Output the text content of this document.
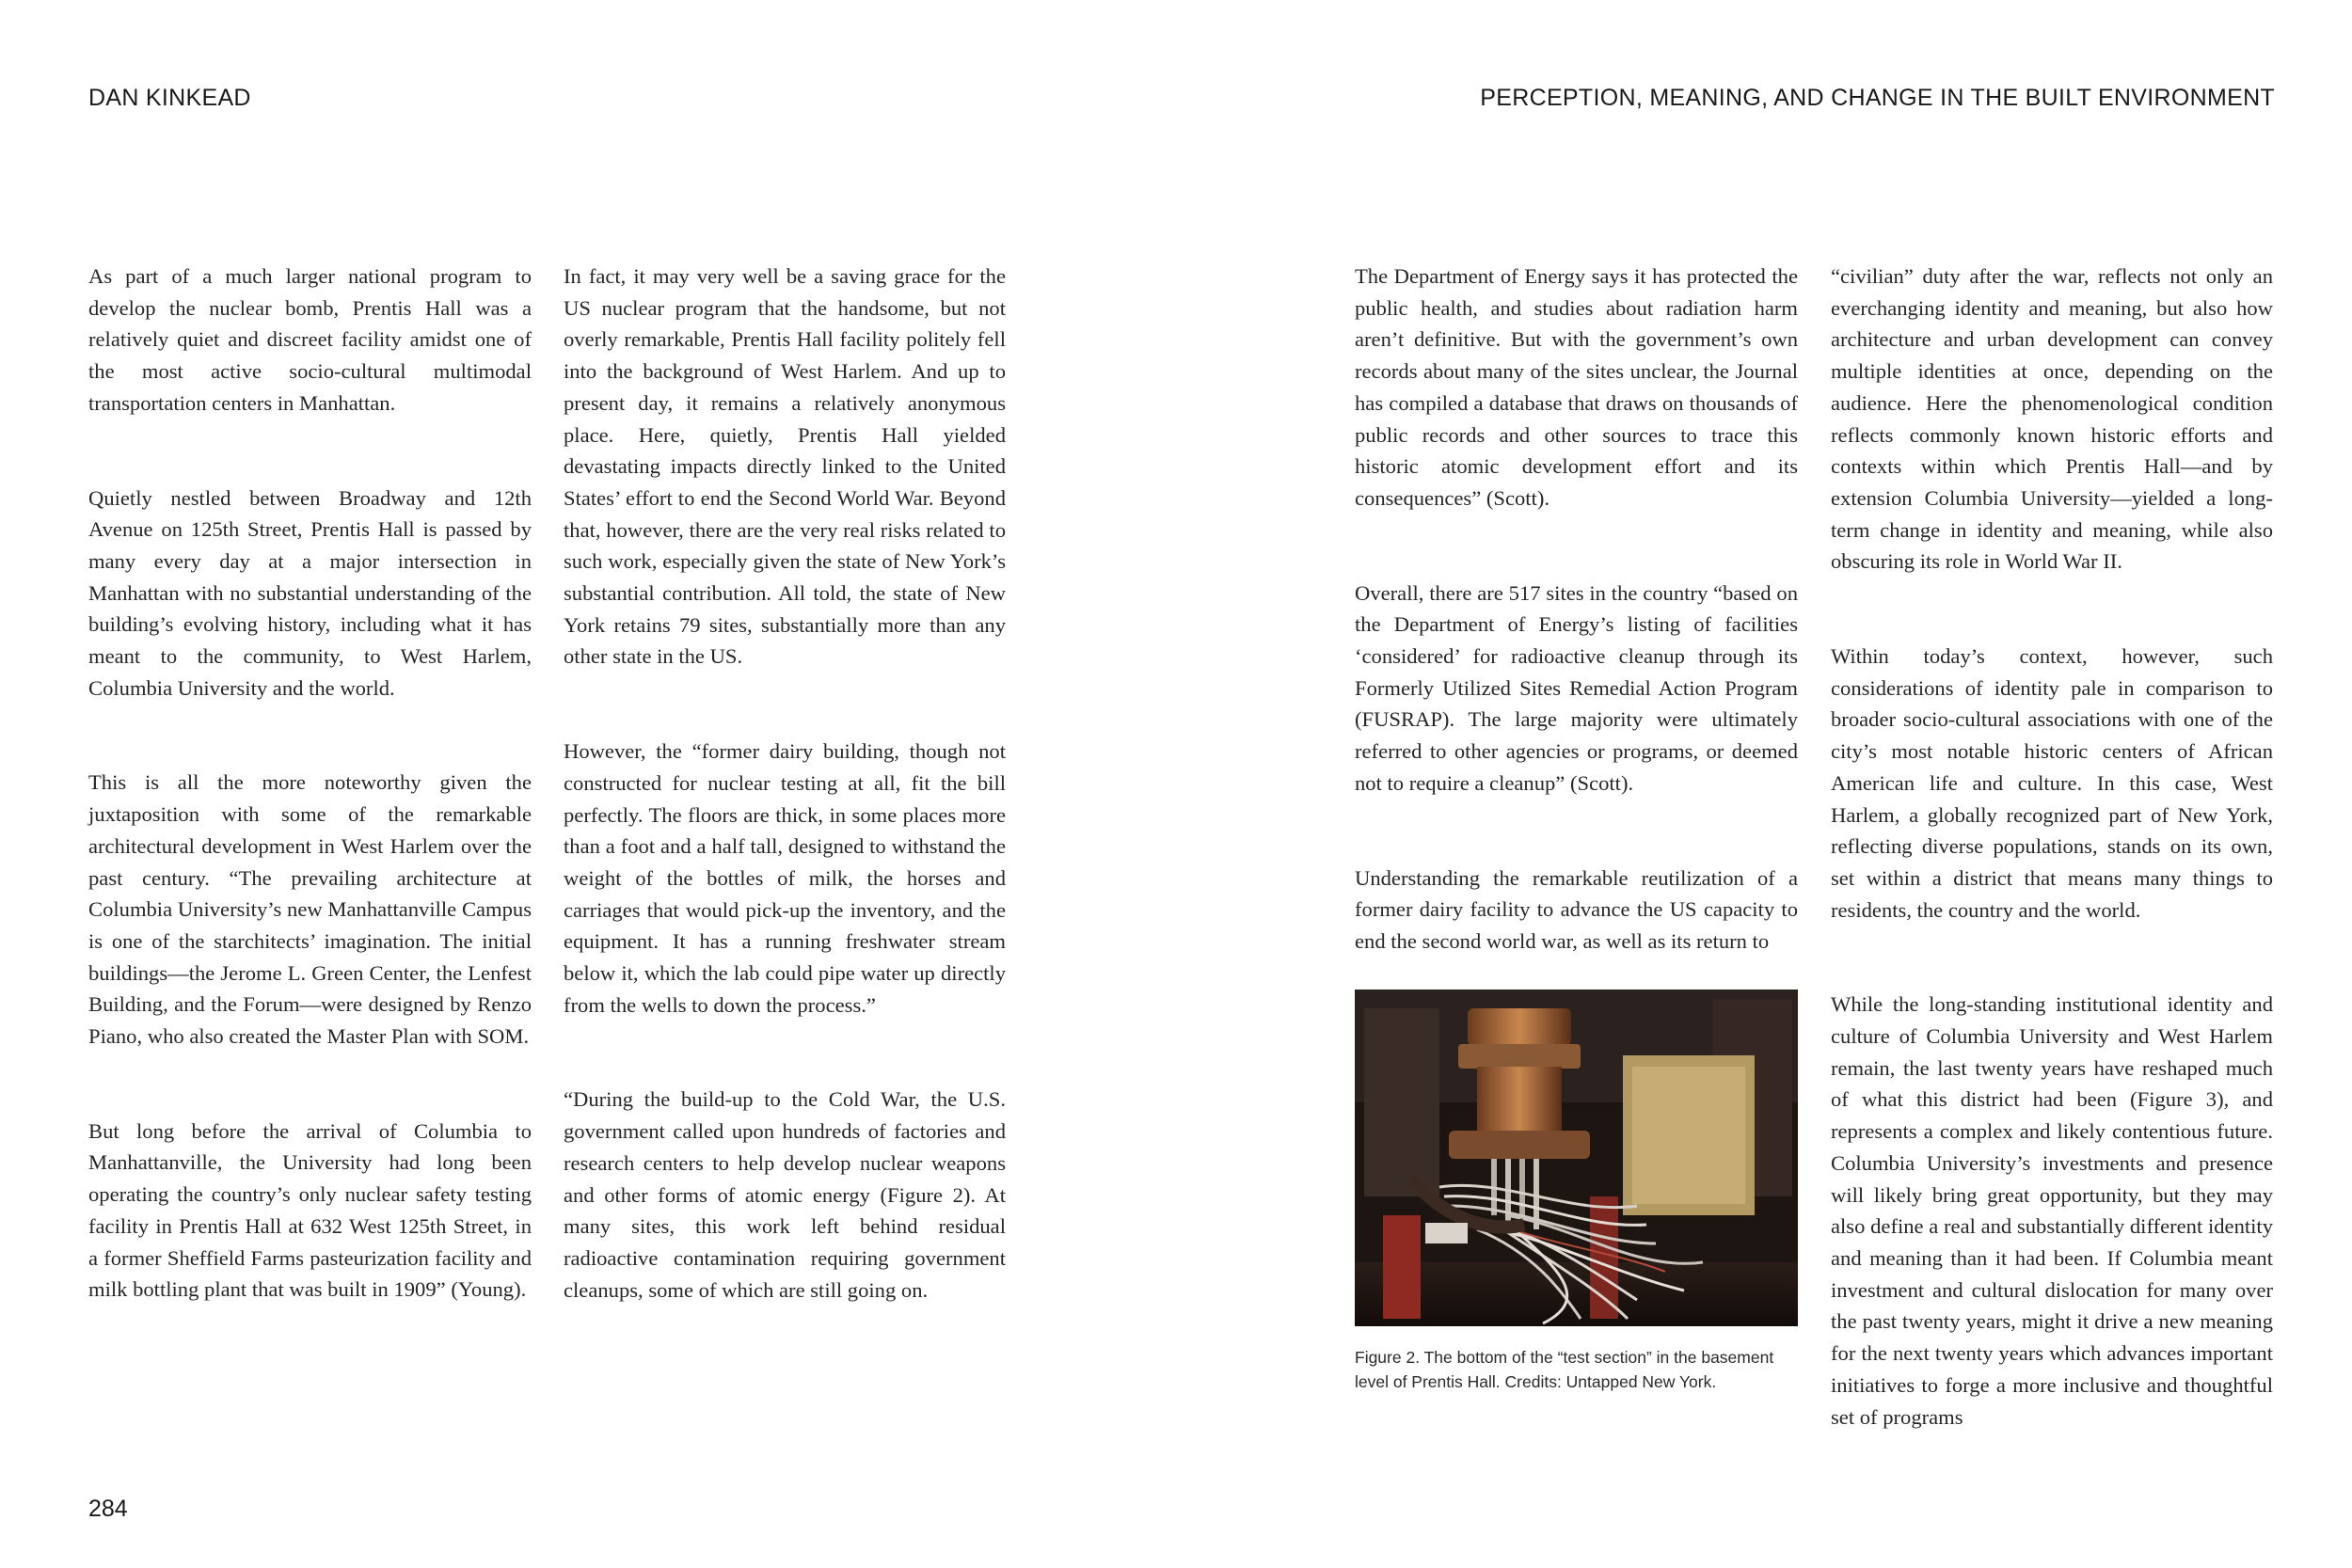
DAN KINKEAD	PERCEPTION, MEANING, AND CHANGE IN THE BUILT ENVIRONMENT

As part of a much larger national program to develop the nuclear bomb, Prentis Hall was a relatively quiet and discreet facility amidst one of the most active socio-cultural multimodal transportation centers in Manhattan.

Quietly nestled between Broadway and 12th Avenue on 125th Street, Prentis Hall is passed by many every day at a major intersection in Manhattan with no substantial understanding of the building’s evolving history, including what it has meant to the community, to West Harlem, Columbia University and the world.

This is all the more noteworthy given the juxtaposition with some of the remarkable architectural development in West Harlem over the past century. “The prevailing architecture at Columbia University’s new Manhattanville Campus is one of the starchitects’ imagination. The initial buildings—the Jerome L. Green Center, the Lenfest Building, and the Forum—were designed by Renzo Piano, who also created the Master Plan with SOM.

But long before the arrival of Columbia to Manhattanville, the University had long been operating the country’s only nuclear safety testing facility in Prentis Hall at 632 West 125th Street, in a former Sheffield Farms pasteurization facility and milk bottling plant that was built in 1909” (Young).

In fact, it may very well be a saving grace for the US nuclear program that the handsome, but not overly remarkable, Prentis Hall facility politely fell into the background of West Harlem. And up to present day, it remains a relatively anonymous place. Here, quietly, Prentis Hall yielded devastating impacts directly linked to the United States’ effort to end the Second World War. Beyond that, however, there are the very real risks related to such work, especially given the state of New York’s substantial contribution. All told, the state of New York retains 79 sites, substantially more than any other state in the US.

However, the “former dairy building, though not constructed for nuclear testing at all, fit the bill perfectly. The floors are thick, in some places more than a foot and a half tall, designed to withstand the weight of the bottles of milk, the horses and carriages that would pick-up the inventory, and the equipment. It has a running freshwater stream below it, which the lab could pipe water up directly from the wells to down the process.”

“During the build-up to the Cold War, the U.S. government called upon hundreds of factories and research centers to help develop nuclear weapons and other forms of atomic energy (Figure 2). At many sites, this work left behind residual radioactive contamination requiring government cleanups, some of which are still going on.

The Department of Energy says it has protected the public health, and studies about radiation harm aren’t definitive. But with the government’s own records about many of the sites unclear, the Journal has compiled a database that draws on thousands of public records and other sources to trace this historic atomic development effort and its consequences” (Scott).

Overall, there are 517 sites in the country “based on the Department of Energy’s listing of facilities ‘considered’ for radioactive cleanup through its Formerly Utilized Sites Remedial Action Program (FUSRAP). The large majority were ultimately referred to other agencies or programs, or deemed not to require a cleanup” (Scott).

Understanding the remarkable reutilization of a former dairy facility to advance the US capacity to end the second world war, as well as its return to

“civilian” duty after the war, reflects not only an everchanging identity and meaning, but also how architecture and urban development can convey multiple identities at once, depending on the audience. Here the phenomenological condition reflects commonly known historic efforts and contexts within which Prentis Hall—and by extension Columbia University—yielded a long-term change in identity and meaning, while also obscuring its role in World War II.

Within today’s context, however, such considerations of identity pale in comparison to broader socio-cultural associations with one of the city’s most notable historic centers of African American life and culture. In this case, West Harlem, a globally recognized part of New York, reflecting diverse populations, stands on its own, set within a district that means many things to residents, the country and the world.

While the long-standing institutional identity and culture of Columbia University and West Harlem remain, the last twenty years have reshaped much of what this district had been (Figure 3), and represents a complex and likely contentious future. Columbia University’s investments and presence will likely bring great opportunity, but they may also define a real and substantially different identity and meaning than it had been. If Columbia meant investment and cultural dislocation for many over the past twenty years, might it drive a new meaning for the next twenty years which advances important initiatives to forge a more inclusive and thoughtful set of programs

Figure 2. The bottom of the “test section” in the basement level of Prentis Hall. Credits: Untapped New York.
284
